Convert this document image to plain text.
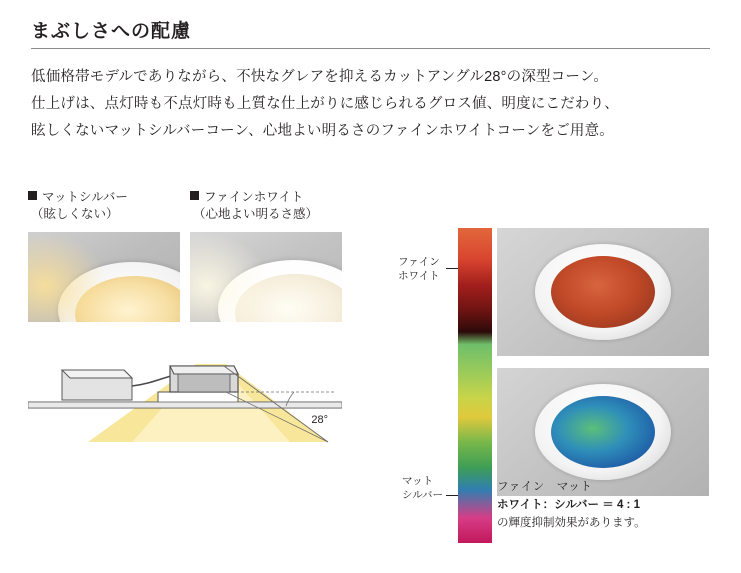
まぶしさへの配慮
低価格帯モデルでありながら、不快なグレアを抑えるカットアングル28°の深型コーン。
仕上げは、点灯時も不点灯時も上質な仕上がりに感じられるグロス値、明度にこだわり、
眩しくないマットシルバーコーン、心地よい明るさのファインホワイトコーンをご用意。
マットシルバー
（眩しくない）
ファインホワイト
（心地よい明るさ感）
28°
ファイン
ホワイト
マット
シルバー
ファイン　マット
ホワイト：シルバー ＝ 4 : 1
の輝度抑制効果があります。
